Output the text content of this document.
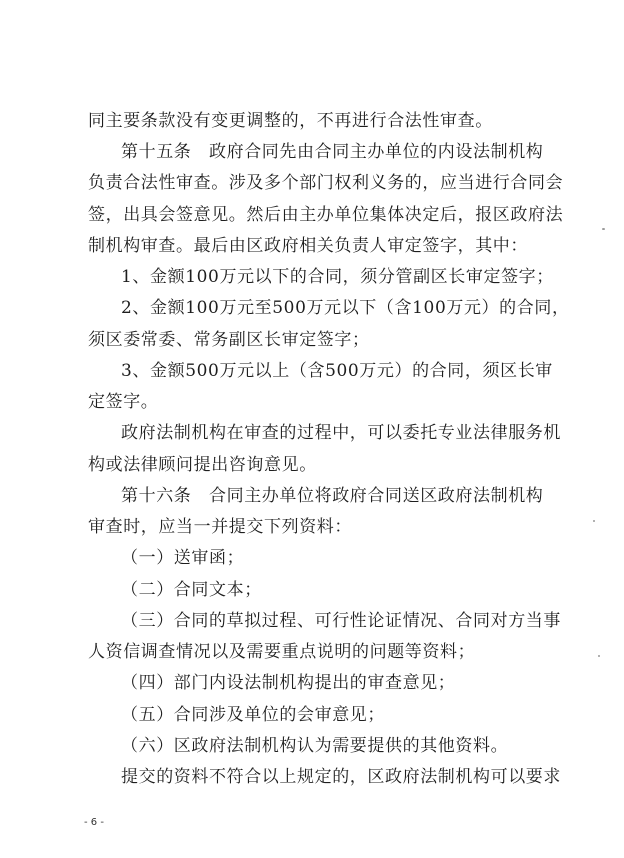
同主要条款没有变更调整的，不再进行合法性审查。
第十五条　政府合同先由合同主办单位的内设法制机构
负责合法性审查。涉及多个部门权利义务的，应当进行合同会
签，出具会签意见。然后由主办单位集体决定后，报区政府法
制机构审查。最后由区政府相关负责人审定签字，其中：
1、金额100万元以下的合同，须分管副区长审定签字；
2、金额100万元至500万元以下（含100万元）的合同，
须区委常委、常务副区长审定签字；
3、金额500万元以上（含500万元）的合同，须区长审
定签字。
政府法制机构在审查的过程中，可以委托专业法律服务机
构或法律顾问提出咨询意见。
第十六条　合同主办单位将政府合同送区政府法制机构
审查时，应当一并提交下列资料：
（一）送审函；
（二）合同文本；
（三）合同的草拟过程、可行性论证情况、合同对方当事
人资信调查情况以及需要重点说明的问题等资料；
（四）部门内设法制机构提出的审查意见；
（五）合同涉及单位的会审意见；
（六）区政府法制机构认为需要提供的其他资料。
提交的资料不符合以上规定的，区政府法制机构可以要求
- 6 -
